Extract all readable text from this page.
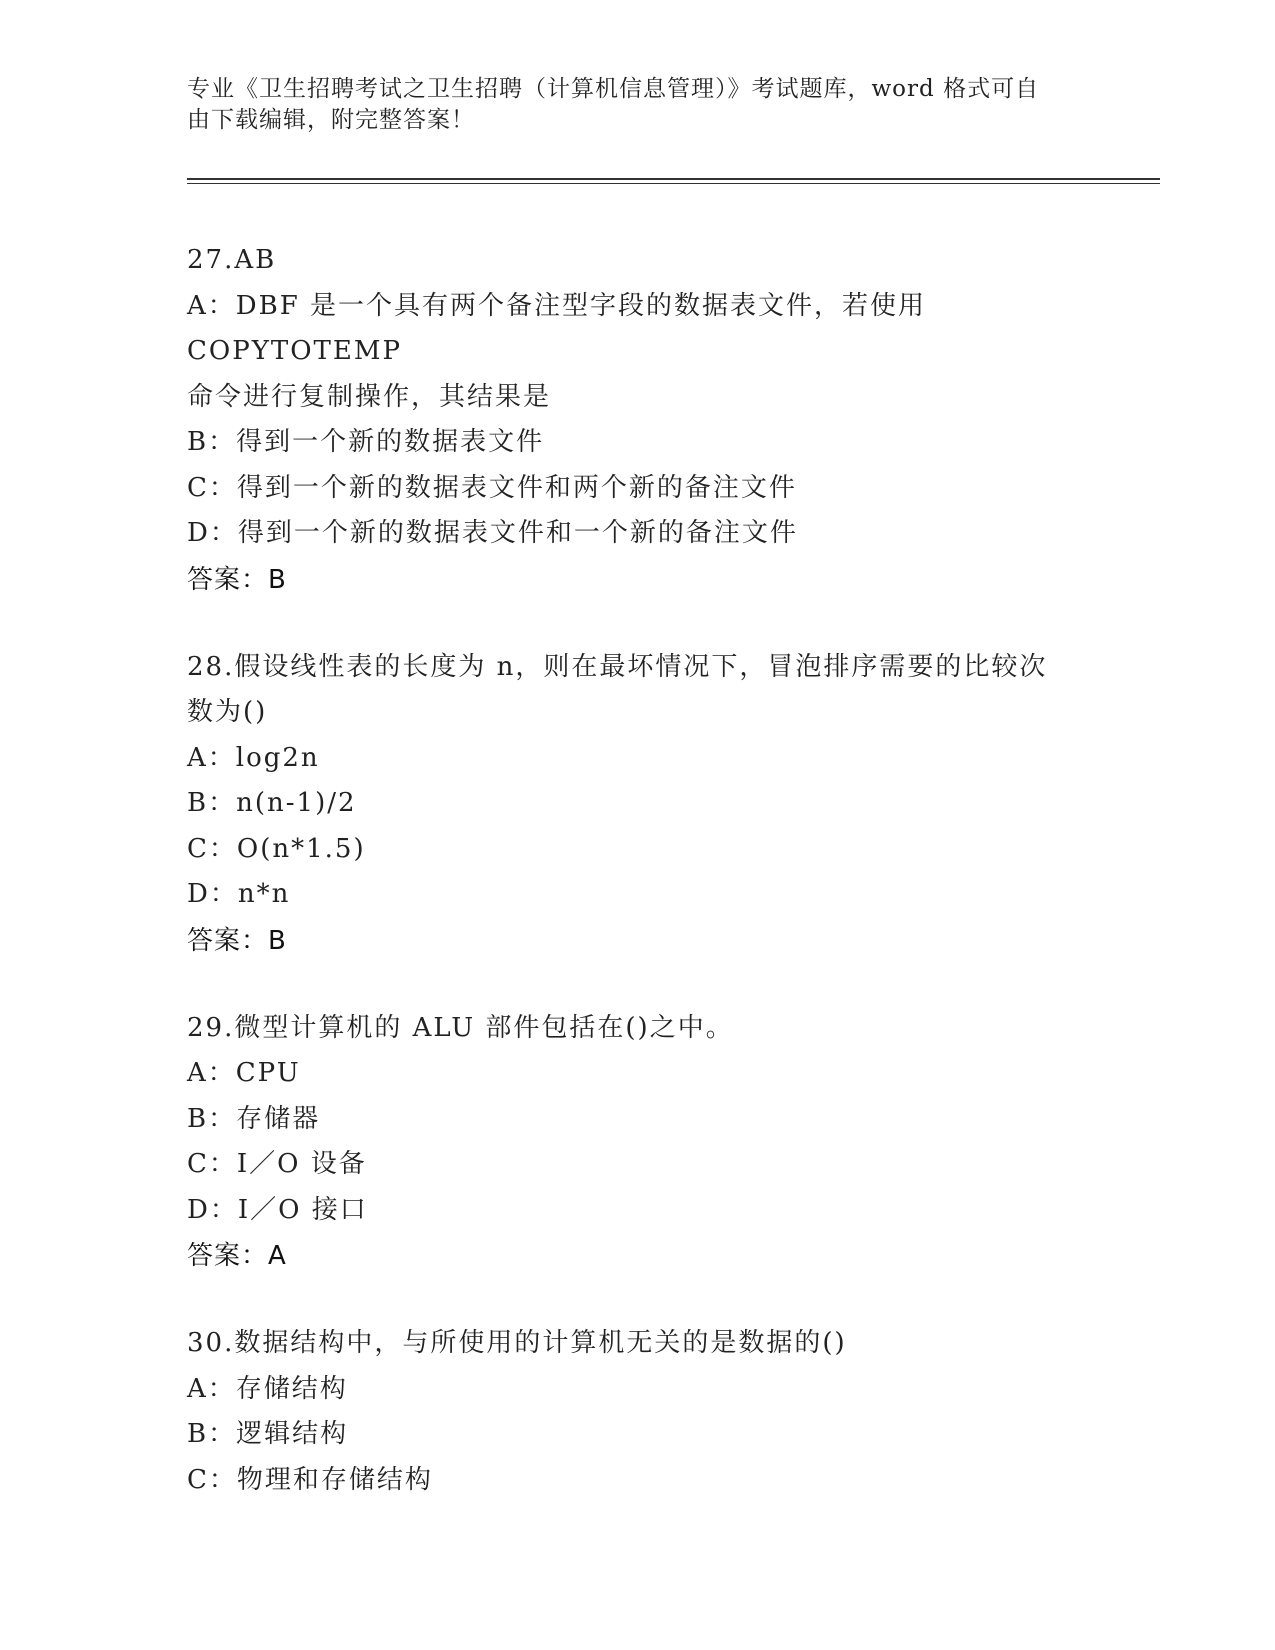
专业《卫生招聘考试之卫生招聘（计算机信息管理）》考试题库，word 格式可自
由下载编辑，附完整答案！
27.AB
A：DBF 是一个具有两个备注型字段的数据表文件，若使用 COPYTOTEMP
命令进行复制操作，其结果是
B：得到一个新的数据表文件
C：得到一个新的数据表文件和两个新的备注文件
D：得到一个新的数据表文件和一个新的备注文件
答案：B
28.假设线性表的长度为 n，则在最坏情况下，冒泡排序需要的比较次
数为()
A：log2n
B：n(n-1)/2
C：O(n*1.5)
D：n*n
答案：B
29.微型计算机的 ALU 部件包括在()之中。
A：CPU
B：存储器
C：I／O 设备
D：I／O 接口
答案：A
30.数据结构中，与所使用的计算机无关的是数据的()
A：存储结构
B：逻辑结构
C：物理和存储结构
